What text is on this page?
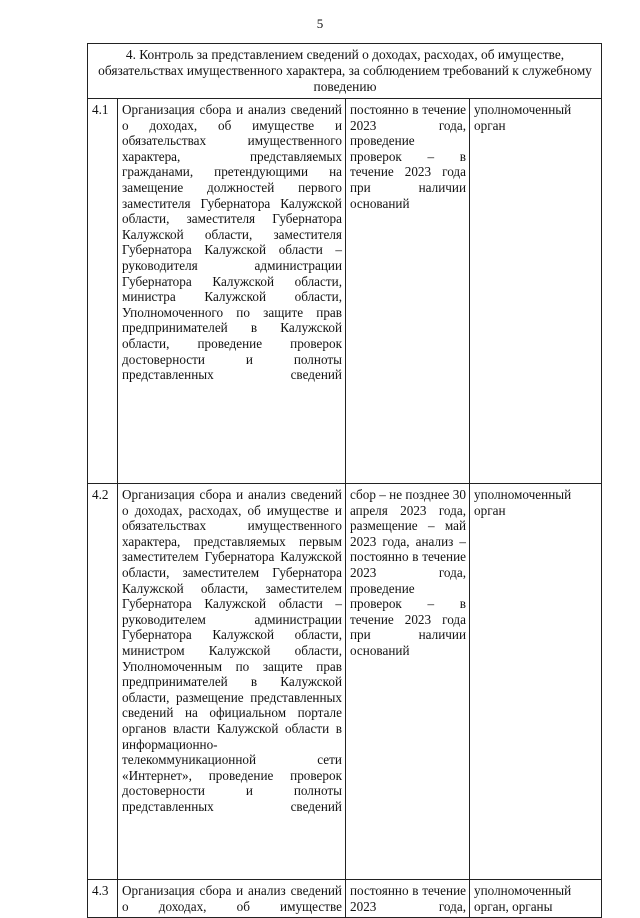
5
4. Контроль за представлением сведений о доходах, расходах, об имуществе, обязательствах имущественного характера, за соблюдением требований к служебному поведению			
4.1	Организация сбора и анализ сведений о доходах, об имуществе и обязательствах имущественного характера, представляемых гражданами, претендующими на замещение должностей первого заместителя Губернатора Калужской области, заместителя Губернатора Калужской области, заместителя Губернатора Калужской области – руководителя администрации Губернатора Калужской области, министра Калужской области, Уполномоченного по защите прав предпринимателей в Калужской области, проведение проверок достоверности и полноты представленных сведений	постоянно в течение 2023 года, проведение проверок – в течение 2023 года при наличии оснований	уполномоченный орган
4.2	Организация сбора и анализ сведений о доходах, расходах, об имуществе и обязательствах имущественного характера, представляемых первым заместителем Губернатора Калужской области, заместителем Губернатора Калужской области, заместителем Губернатора Калужской области – руководителем администрации Губернатора Калужской области, министром Калужской области, Уполномоченным по защите прав предпринимателей в Калужской области, размещение представленных сведений на официальном портале органов власти Калужской области в информационно-телекоммуникационной сети «Интернет», проведение проверок достоверности и полноты представленных сведений	сбор – не позднее 30 апреля 2023 года, размещение – май 2023 года, анализ – постоянно в течение 2023 года, проведение проверок – в течение 2023 года при наличии оснований	уполномоченный орган
4.3	Организация сбора и анализ сведений о доходах, об имуществе	постоянно в течение 2023 года,	уполномоченный орган, органы
